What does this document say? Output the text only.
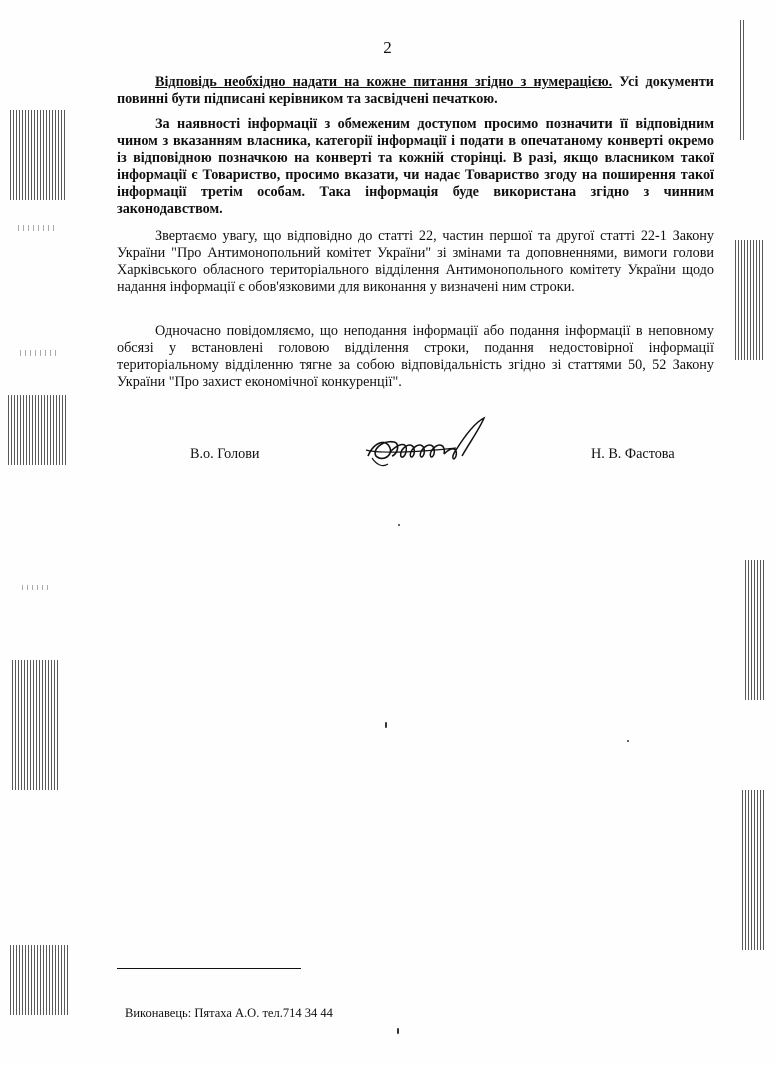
2

Відповідь необхідно надати на кожне питання згідно з нумерацією. Усі документи повинні бути підписані керівником та засвідчені печаткою.

За наявності інформації з обмеженим доступом просимо позначити її відповідним чином з вказанням власника, категорії інформації і подати в опечатаному конверті окремо із відповідною позначкою на конверті та кожній сторінці. В разі, якщо власником такої інформації є Товариство, просимо вказати, чи надає Товариство згоду на поширення такої інформації третім особам. Така інформація буде використана згідно з чинним законодавством.

Звертаємо увагу, що відповідно до статті 22, частин першої та другої статті 22-1 Закону України "Про Антимонопольний комітет України" зі змінами та доповненнями, вимоги голови Харківського обласного територіального відділення Антимонопольного комітету України щодо надання інформації є обов'язковими для виконання у визначені ним строки.

Одночасно повідомляємо, що неподання інформації або подання інформації в неповному обсязі у встановлені головою відділення строки, подання недостовірної інформації територіальному відділенню тягне за собою відповідальність згідно зі статтями 50, 52 Закону України "Про захист економічної конкуренції".

В.о. Голови	Н. В. Фастова
Виконавець: Пятаха А.О. тел.714 34 44
